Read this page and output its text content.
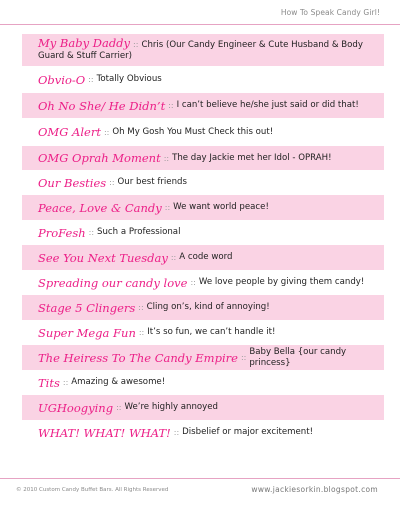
How To Speak Candy Girl!
My Baby Daddy :: Chris (Our Candy Engineer & Cute Husband & Body Guard & Stuff Carrier)
Obvio-O :: Totally Obvious
Oh No She/ He Didn’t :: I can’t believe he/she just said or did that!
OMG Alert :: Oh My Gosh You Must Check this out!
OMG Oprah Moment :: The day Jackie met her Idol - OPRAH!
Our Besties :: Our best friends
Peace, Love & Candy :: We want world peace!
ProFesh :: Such a Professional
See You Next Tuesday :: A code word
Spreading our candy love :: We love people by giving them candy!
Stage 5 Clingers :: Cling on’s, kind of annoying!
Super Mega Fun :: It’s so fun, we can’t handle it!
The Heiress To The Candy Empire ::
Baby Bella {our candy princess}
Tits :: Amazing & awesome!
UGHoogying :: We’re highly annoyed
WHAT! WHAT! WHAT! :: Disbelief or major excitement!
© 2010 Custom Candy Buffet Bars. All Rights Reserved	www.jackiesorkin.blogspot.com
